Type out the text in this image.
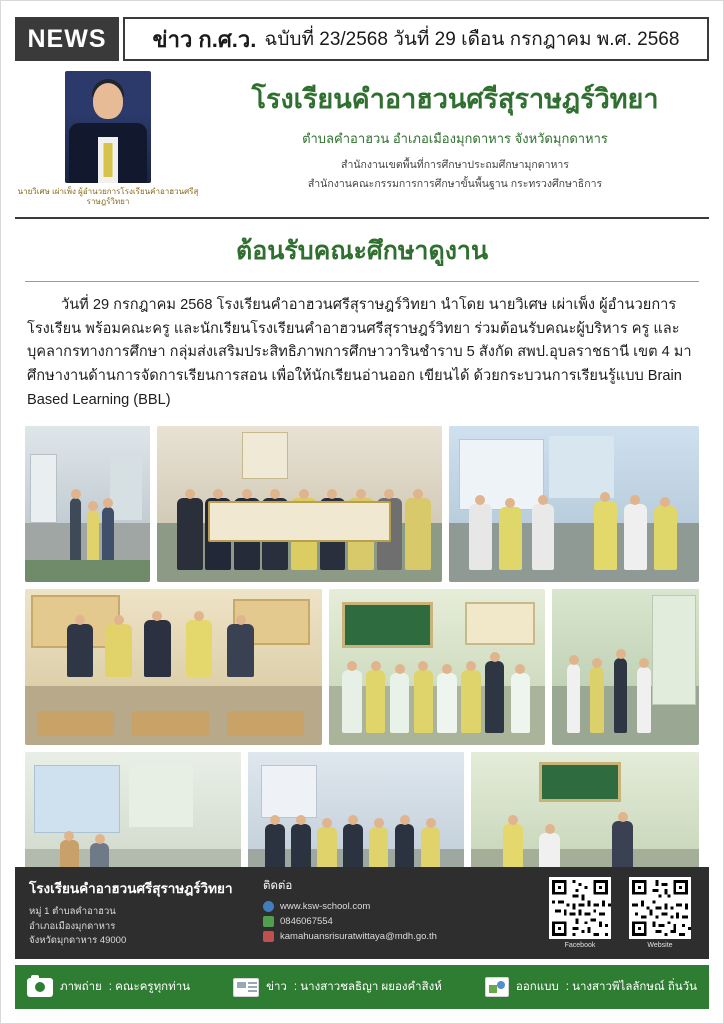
NEWS	ข่าว ก.ศ.ว. ฉบับที่ 23/2568 วันที่ 29 เดือน กรกฎาคม พ.ศ. 2568
นายวิเศษ เผ่าเพ็ง ผู้อำนวยการโรงเรียนคำอาฮวนศรีสุราษฎร์วิทยา
โรงเรียนคำอาฮวนศรีสุราษฎร์วิทยา
ตำบลคำอาฮวน อำเภอเมืองมุกดาหาร จังหวัดมุกดาหาร
สำนักงานเขตพื้นที่การศึกษาประถมศึกษามุกดาหาร
สำนักงานคณะกรรมการการศึกษาขั้นพื้นฐาน กระทรวงศึกษาธิการ
ต้อนรับคณะศึกษาดูงาน
วันที่ 29 กรกฎาคม 2568 โรงเรียนคำอาฮวนศรีสุราษฎร์วิทยา นำโดย นายวิเศษ เผ่าเพ็ง ผู้อำนวยการโรงเรียน พร้อมคณะครู และนักเรียนโรงเรียนคำอาฮวนศรีสุราษฎร์วิทยา ร่วมต้อนรับคณะผู้บริหาร ครู และบุคลากรทางการศึกษา กลุ่มส่งเสริมประสิทธิภาพการศึกษาวารินชำราบ 5 สังกัด สพป.อุบลราชธานี เขต 4 มาศึกษางานด้านการจัดการเรียนการสอน เพื่อให้นักเรียนอ่านออก เขียนได้ ด้วยกระบวนการเรียนรู้แบบ Brain Based Learning (BBL)
โรงเรียนคำอาฮวนศรีสุราษฎร์วิทยา
หมู่ 1 ตำบลคำอาฮวน
อำเภอเมืองมุกดาหาร
จังหวัดมุกดาหาร 49000
ติดต่อ
www.ksw-school.com
0846067554
kamahuansrisuratwittaya@mdh.go.th
Facebook	Website
ภาพถ่าย : คณะครูทุกท่าน	ข่าว : นางสาวชลธิญา ผยองคำสิงห์	ออกแบบ : นางสาวพิไลลักษณ์ ถิ่นวัน
